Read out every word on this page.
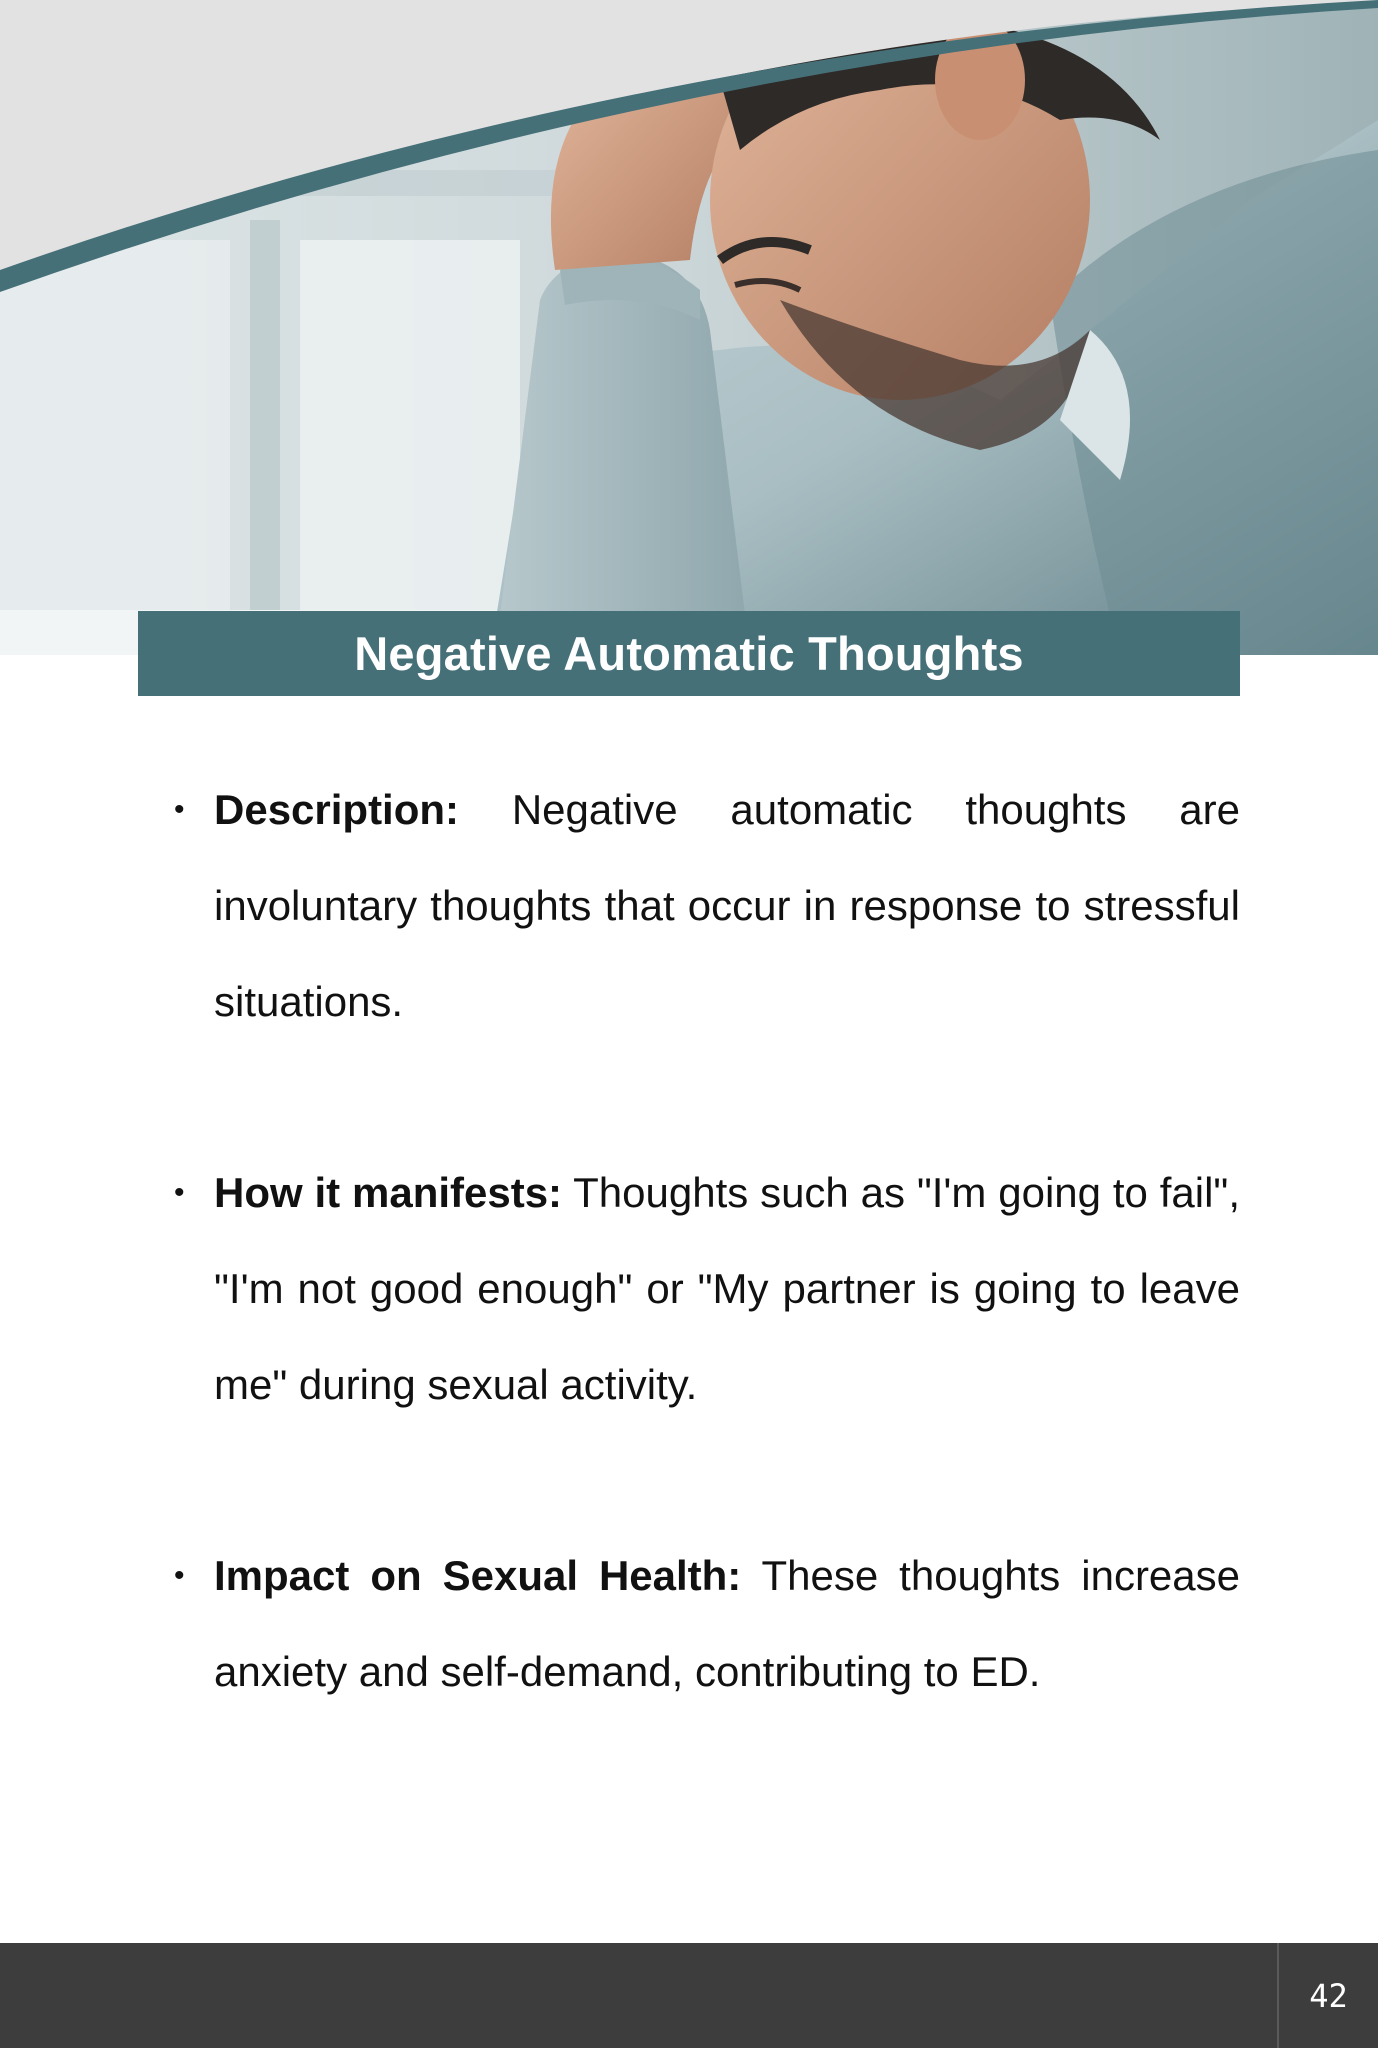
Negative Automatic Thoughts
• Description: Negative automatic thoughts are involuntary thoughts that occur in response to stressful situations.
• How it manifests: Thoughts such as "I'm going to fail", "I'm not good enough" or "My partner is going to leave me" during sexual activity.
• Impact on Sexual Health: These thoughts increase anxiety and self-demand, contributing to ED.
42
